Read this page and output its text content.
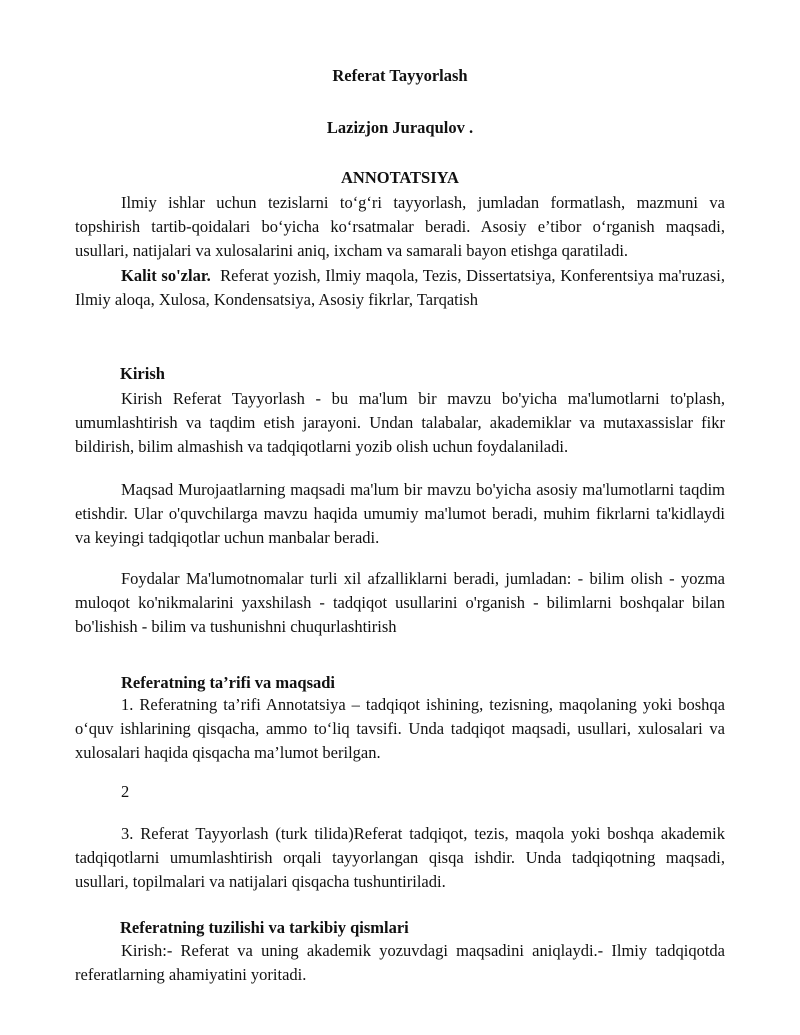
Referat Tayyorlash
Lazizjon Juraqulov .
ANNOTATSIYA
Ilmiy ishlar uchun tezislarni to‘g‘ri tayyorlash, jumladan formatlash, mazmuni va topshirish tartib-qoidalari bo‘yicha ko‘rsatmalar beradi. Asosiy e’tibor o‘rganish maqsadi, usullari, natijalari va xulosalarini aniq, ixcham va samarali bayon etishga qaratiladi.
Kalit so'zlar. Referat yozish, Ilmiy maqola, Tezis, Dissertatsiya, Konferentsiya ma'ruzasi, Ilmiy aloqa, Xulosa, Kondensatsiya, Asosiy fikrlar, Tarqatish
Kirish
Kirish Referat Tayyorlash - bu ma'lum bir mavzu bo'yicha ma'lumotlarni to'plash, umumlashtirish va taqdim etish jarayoni. Undan talabalar, akademiklar va mutaxassislar fikr bildirish, bilim almashish va tadqiqotlarni yozib olish uchun foydalaniladi.
Maqsad Murojaatlarning maqsadi ma'lum bir mavzu bo'yicha asosiy ma'lumotlarni taqdim etishdir. Ular o'quvchilarga mavzu haqida umumiy ma'lumot beradi, muhim fikrlarni ta'kidlaydi va keyingi tadqiqotlar uchun manbalar beradi.
Foydalar Ma'lumotnomalar turli xil afzalliklarni beradi, jumladan: - bilim olish - yozma muloqot ko'nikmalarini yaxshilash - tadqiqot usullarini o'rganish - bilimlarni boshqalar bilan bo'lishish - bilim va tushunishni chuqurlashtirish
Referatning ta’rifi va maqsadi
1. Referatning ta’rifi Annotatsiya – tadqiqot ishining, tezisning, maqolaning yoki boshqa o‘quv ishlarining qisqacha, ammo to‘liq tavsifi. Unda tadqiqot maqsadi, usullari, xulosalari va xulosalari haqida qisqacha ma’lumot berilgan.
2
3. Referat Tayyorlash (turk tilida)Referat tadqiqot, tezis, maqola yoki boshqa akademik tadqiqotlarni umumlashtirish orqali tayyorlangan qisqa ishdir. Unda tadqiqotning maqsadi, usullari, topilmalari va natijalari qisqacha tushuntiriladi.
Referatning tuzilishi va tarkibiy qismlari
Kirish:- Referat va uning akademik yozuvdagi maqsadini aniqlaydi.- Ilmiy tadqiqotda referatlarning ahamiyatini yoritadi.
